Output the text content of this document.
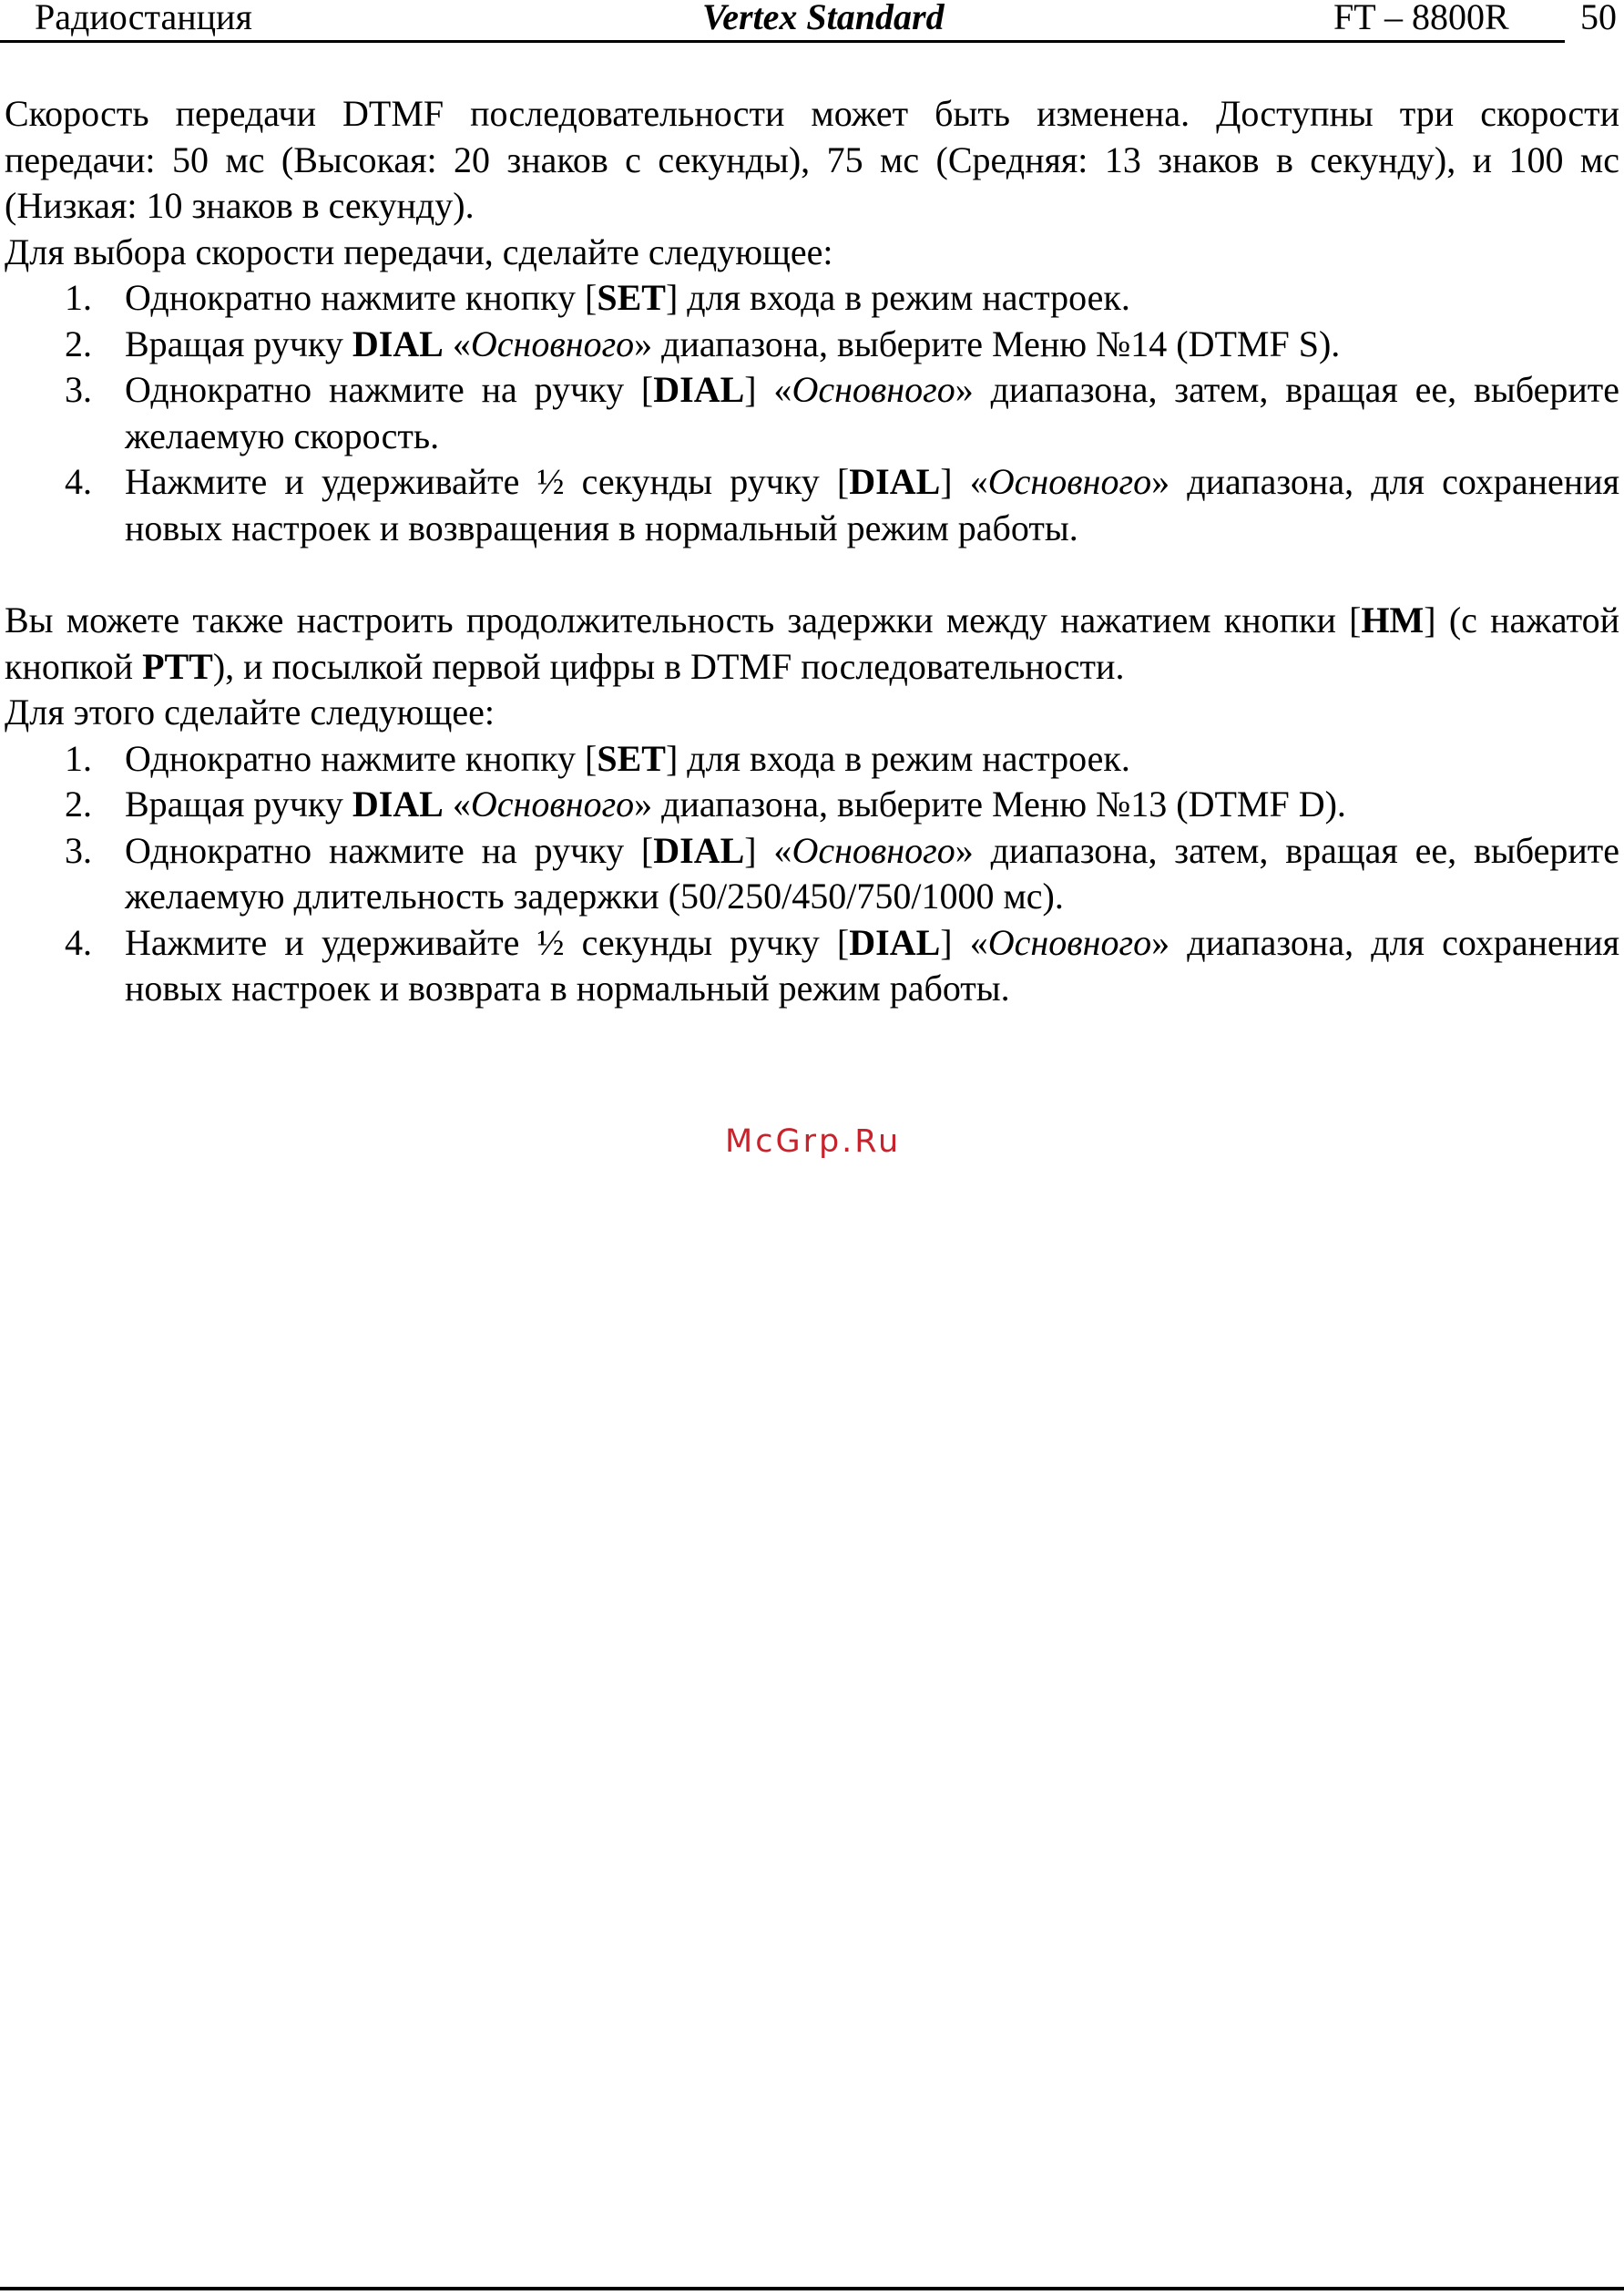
Радиостанция	Vertex Standard	FT – 8800R 50

Скорость передачи DTMF последовательности может быть изменена. Доступны три скорости передачи: 50 мс (Высокая: 20 знаков с секунды), 75 мс (Средняя: 13 знаков в секунду), и 100 мс (Низкая: 10 знаков в секунду).

Для выбора скорости передачи, сделайте следующее:

1. Однократно нажмите кнопку [SET] для входа в режим настроек.
2. Вращая ручку DIAL «Основного» диапазона, выберите Меню №14 (DTMF S).
3. Однократно нажмите на ручку [DIAL] «Основного» диапазона, затем, вращая ее, выберите желаемую скорость.
4. Нажмите и удерживайте ½ секунды ручку [DIAL] «Основного» диапазона, для сохранения новых настроек и возвращения в нормальный режим работы.

Вы можете также настроить продолжительность задержки между нажатием кнопки [HM] (с нажатой кнопкой PTT), и посылкой первой цифры в DTMF последовательности.

Для этого сделайте следующее:

1. Однократно нажмите кнопку [SET] для входа в режим настроек.
2. Вращая ручку DIAL «Основного» диапазона, выберите Меню №13 (DTMF D).
3. Однократно нажмите на ручку [DIAL] «Основного» диапазона, затем, вращая ее, выберите желаемую длительность задержки (50/250/450/750/1000 мс).
4. Нажмите и удерживайте ½ секунды ручку [DIAL] «Основного» диапазона, для сохранения новых настроек и возврата в нормальный режим работы.
McGrp.Ru
